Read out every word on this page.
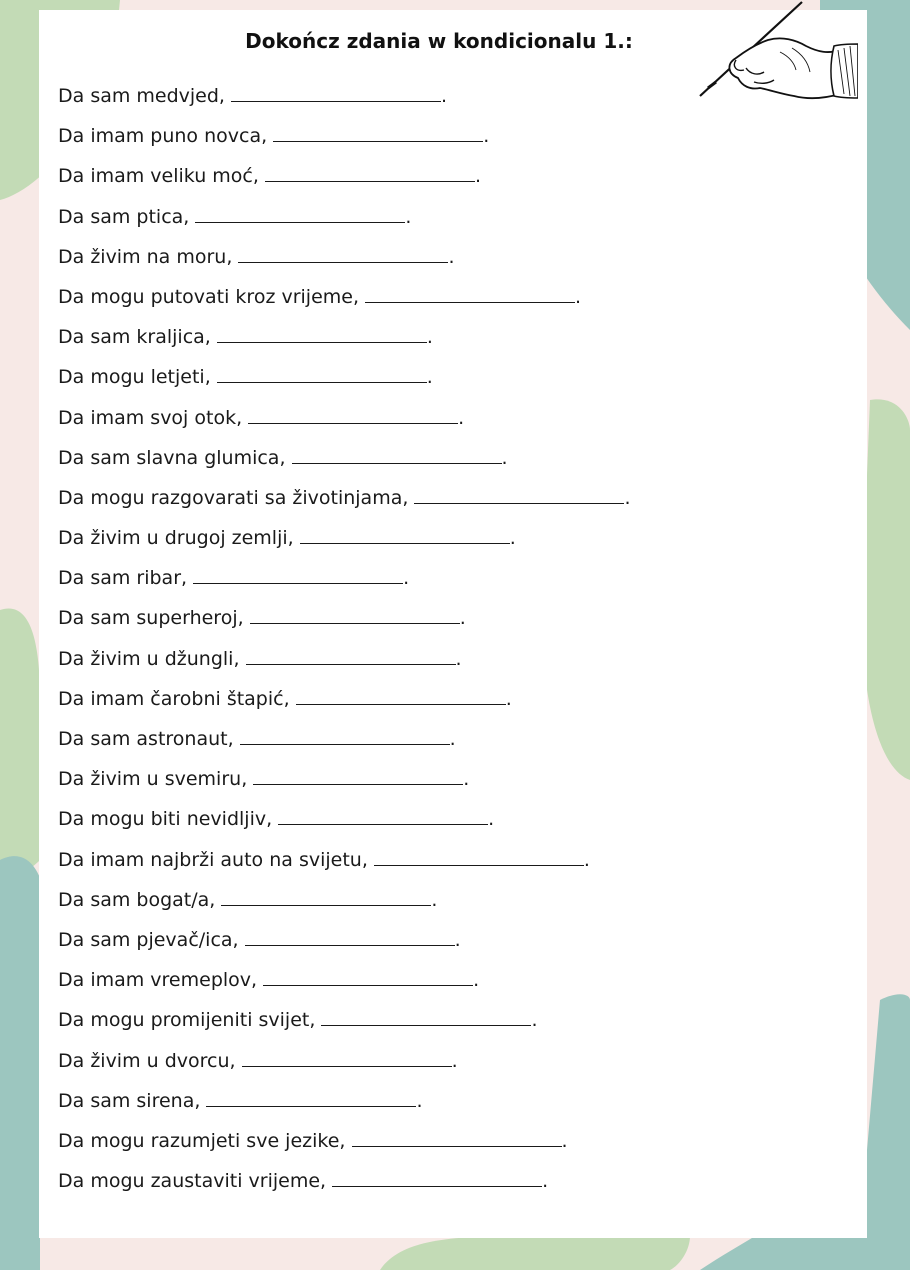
Dokończ zdania w kondicionalu 1.:
Da sam medvjed,	.
Da imam puno novca,	.
Da imam veliku moć,	.
Da sam ptica,	.
Da živim na moru,	.
Da mogu putovati kroz vrijeme,	.
Da sam kraljica,	.
Da mogu letjeti,	.
Da imam svoj otok,	.
Da sam slavna glumica,	.
Da mogu razgovarati sa životinjama,	.
Da živim u drugoj zemlji,	.
Da sam ribar,	.
Da sam superheroj,	.
Da živim u džungli,	.
Da imam čarobni štapić,	.
Da sam astronaut,	.
Da živim u svemiru,	.
Da mogu biti nevidljiv,	.
Da imam najbrži auto na svijetu,	.
Da sam bogat/a,	.
Da sam pjevač/ica,	.
Da imam vremeplov,	.
Da mogu promijeniti svijet,	.
Da živim u dvorcu,	.
Da sam sirena,	.
Da mogu razumjeti sve jezike,	.
Da mogu zaustaviti vrijeme,	.
